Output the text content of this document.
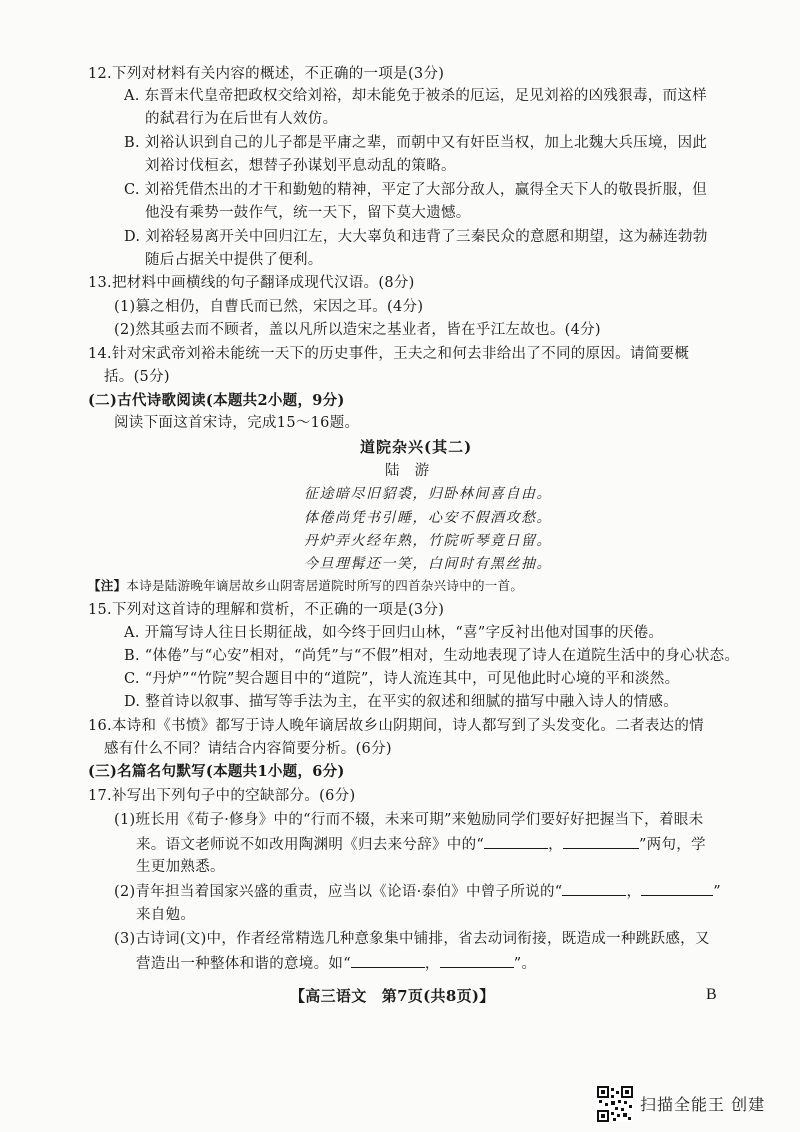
12.下列对材料有关内容的概述，不正确的一项是(3分)
A. 东晋末代皇帝把政权交给刘裕，却未能免于被杀的厄运，足见刘裕的凶残狠毒，而这样
的弑君行为在后世有人效仿。
B. 刘裕认识到自己的儿子都是平庸之辈，而朝中又有奸臣当权，加上北魏大兵压境，因此
刘裕讨伐桓玄，想替子孙谋划平息动乱的策略。
C. 刘裕凭借杰出的才干和勤勉的精神，平定了大部分敌人，赢得全天下人的敬畏折服，但
他没有乘势一鼓作气，统一天下，留下莫大遗憾。
D. 刘裕轻易离开关中回归江左，大大辜负和违背了三秦民众的意愿和期望，这为赫连勃勃
随后占据关中提供了便利。
13.把材料中画横线的句子翻译成现代汉语。(8分)
(1)篡之相仍，自曹氏而已然，宋因之耳。(4分)
(2)然其亟去而不顾者，盖以凡所以造宋之基业者，皆在乎江左故也。(4分)
14.针对宋武帝刘裕未能统一天下的历史事件，王夫之和何去非给出了不同的原因。请简要概
括。(5分)
(二)古代诗歌阅读(本题共2小题，9分)
阅读下面这首宋诗，完成15～16题。
道院杂兴(其二)
陆　游
征途暗尽旧貂裘，归卧林间喜自由。
体倦尚凭书引睡，心安不假酒攻愁。
丹炉弄火经年熟，竹院听琴竟日留。
今旦理髯还一笑，白间时有黑丝抽。
【注】本诗是陆游晚年谪居故乡山阴寄居道院时所写的四首杂兴诗中的一首。
15.下列对这首诗的理解和赏析，不正确的一项是(3分)
A. 开篇写诗人往日长期征战，如今终于回归山林，“喜”字反衬出他对国事的厌倦。
B. “体倦”与“心安”相对，“尚凭”与“不假”相对，生动地表现了诗人在道院生活中的身心状态。
C. “丹炉”“竹院”契合题目中的“道院”，诗人流连其中，可见他此时心境的平和淡然。
D. 整首诗以叙事、描写等手法为主，在平实的叙述和细腻的描写中融入诗人的情感。
16.本诗和《书愤》都写于诗人晚年谪居故乡山阴期间，诗人都写到了头发变化。二者表达的情
感有什么不同？请结合内容简要分析。(6分)
(三)名篇名句默写(本题共1小题，6分)
17.补写出下列句子中的空缺部分。(6分)
(1)班长用《荀子·修身》中的“行而不辍，未来可期”来勉励同学们要好好把握当下，着眼未
来。语文老师说不如改用陶渊明《归去来兮辞》中的“	，	”两句，学
生更加熟悉。
(2)青年担当着国家兴盛的重责，应当以《论语·泰伯》中曾子所说的“	，	”
来自勉。
(3)古诗词(文)中，作者经常精选几种意象集中铺排，省去动词衔接，既造成一种跳跃感，又
营造出一种整体和谐的意境。如“	，	”。
【高三语文　第7页(共8页)】	B
扫描全能王 创建
